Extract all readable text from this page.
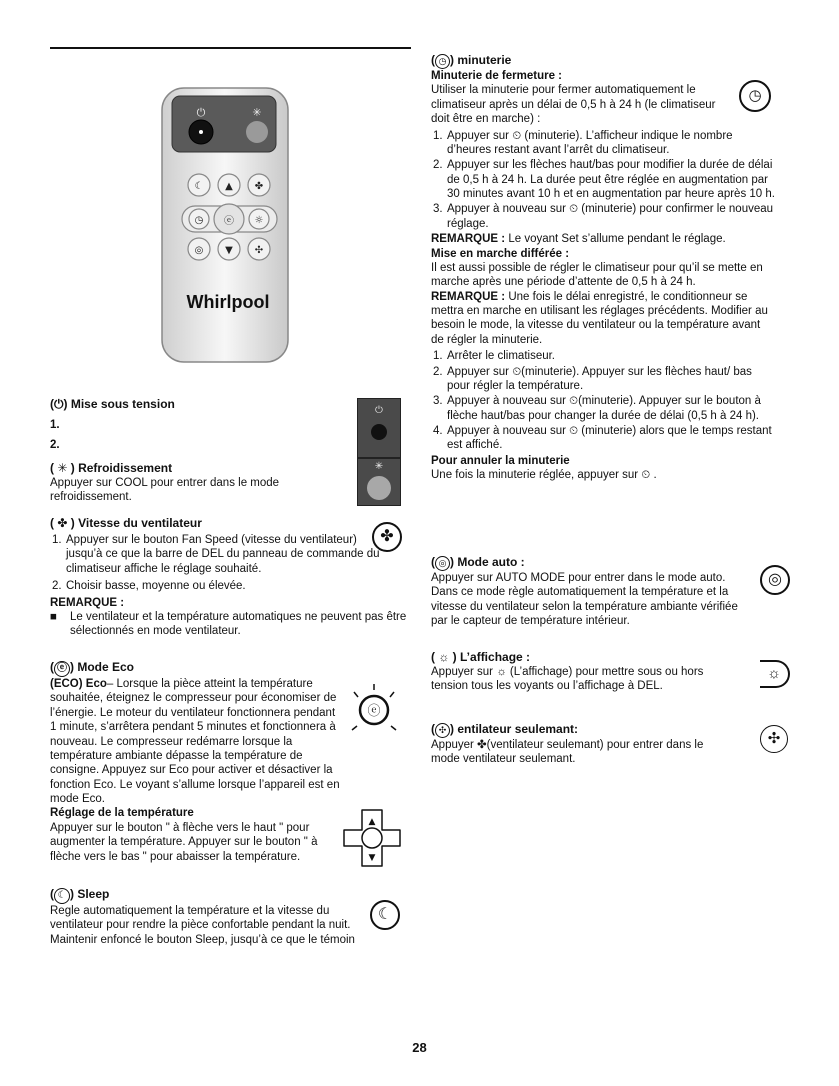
⏻	✳
☾ ▲ ✤
◷ ⓔ ☼
◎ ▼ ✣
Whirlpool

(⏻) Mise sous tension

1.

2.

⏻
✳

( ✳ ) Refroidissement

Appuyer sur COOL pour entrer dans le mode refroidissement.

( ✤ ) Vitesse du ventilateur

1. Appuyer sur le bouton Fan Speed (vitesse du ventilateur) jusqu’à ce que la barre de DEL du panneau de commande du climatiseur affiche le réglage souhaité.
2. Choisir basse, moyenne ou élevée.

REMARQUE :

■ Le ventilateur et la température automatiques ne peuvent pas être sélectionnés en mode ventilateur.
✤

( ⓔ ) Mode Eco

(ECO) Eco– Lorsque la pièce atteint la température souhaitée, éteignez le compresseur pour économiser de l’énergie. Le moteur du ventilateur fonctionnera pendant 1 minute, s’arrêtera pendant 5 minutes et fonctionnera à nouveau. Le compresseur redémarre lorsque la température ambiante dépasse la température de consigne. Appuyez sur Eco pour activer et désactiver la fonction Eco. Le voyant s’allume lorsque l’appareil est en mode Eco.

Réglage de la température

Appuyer sur le bouton " à flèche vers le haut " pour augmenter la température. Appuyer sur le bouton " à flèche vers le bas " pour abaisser la température.

ⓔ
▲
▼

( ☾ ) Sleep

Regle automatiquement la température et la vitesse du ventilateur pour rendre la pièce confortable pendant la nuit.

Maintenir enfoncé le bouton Sleep, jusqu’à ce que le témoin

☾

( ◷ ) minuterie

Minuterie de fermeture :

Utiliser la minuterie pour fermer automatiquement le climatiseur après un délai de 0,5 h à 24 h (le climatiseur doit être en marche) :

1. Appuyer sur ⏲ (minuterie). L’afficheur indique le nombre d’heures restant avant l’arrêt du climatiseur.
2. Appuyer sur les flèches haut/bas pour modifier la durée de délai de 0,5 h à 24 h. La durée peut être réglée en augmentation par 30 minutes avant 10 h et en augmentation par heure après 10 h.
3. Appuyer à nouveau sur ⏲ (minuterie) pour confirmer le nouveau réglage.

REMARQUE : Le voyant Set s’allume pendant le réglage.

Mise en marche différée :

Il est aussi possible de régler le climatiseur pour qu’il se mette en marche après une période d’attente de 0,5 h à 24 h.

REMARQUE : Une fois le délai enregistré, le conditionneur se mettra en marche en utilisant les réglages précédents. Modifier au besoin le mode, la vitesse du ventilateur ou la température avant de régler la minuterie.

1. Arrêter le climatiseur.
2. Appuyer sur ⏲(minuterie). Appuyer sur les flèches haut/ bas pour régler la température.
3. Appuyer à nouveau sur ⏲(minuterie). Appuyer sur le bouton à flèche haut/bas pour changer la durée de délai (0,5 h à 24 h).
4. Appuyer à nouveau sur ⏲ (minuterie) alors que le temps restant est affiché.

Pour annuler la minuterie

Une fois la minuterie réglée, appuyer sur ⏲ .

◷

( ◎ ) Mode auto :

Appuyer sur AUTO MODE pour entrer dans le mode auto. Dans ce mode règle automatiquement la température et la vitesse du ventilateur selon la température ambiante vérifiée par le capteur de température intérieur.

◎

( ☼ ) L’affichage :

Appuyer sur ☼ (L’affichage) pour mettre sous ou hors tension tous les voyants ou l’affichage à DEL.

☼

( ✣ ) entilateur seulemant:

Appuyer ✤(ventilateur seulemant) pour entrer dans le mode ventilateur seulemant.

✣
28
